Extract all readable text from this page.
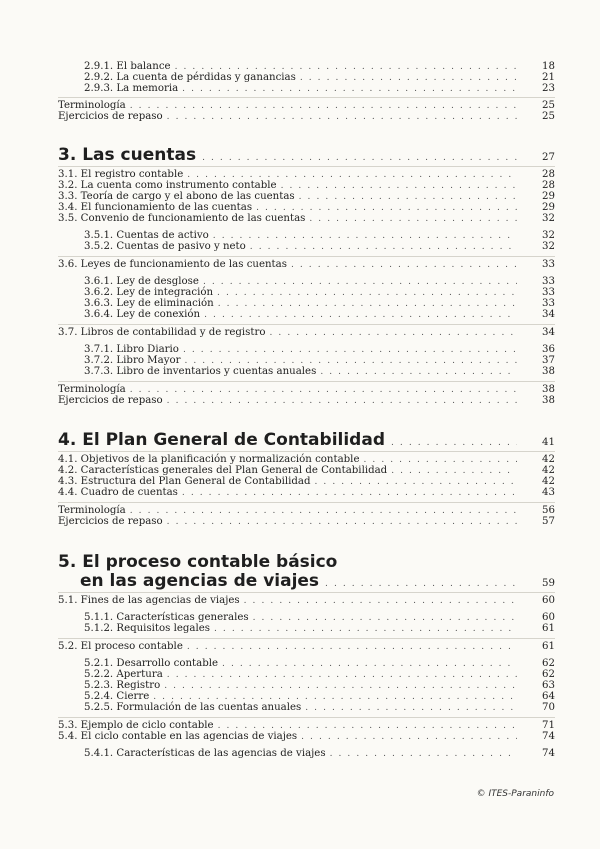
2.9.1. El balance . . .	18
2.9.2. La cuenta de pérdidas y ganancias . . .	21
2.9.3. La memoria . . .	23
Terminología . . .	25
Ejercicios de repaso . . .	25
3. Las cuentas . . .	27
3.1. El registro contable . . .	28
3.2. La cuenta como instrumento contable . . .	28
3.3. Teoría de cargo y el abono de las cuentas . . .	29
3.4. El funcionamiento de las cuentas . . .	29
3.5. Convenio de funcionamiento de las cuentas . . .	32
3.5.1. Cuentas de activo . . .	32
3.5.2. Cuentas de pasivo y neto . . .	32
3.6. Leyes de funcionamiento de las cuentas . . .	33
3.6.1. Ley de desglose . . .	33
3.6.2. Ley de integración . . .	33
3.6.3. Ley de eliminación . . .	33
3.6.4. Ley de conexión . . .	34
3.7. Libros de contabilidad y de registro . . .	34
3.7.1. Libro Diario . . .	36
3.7.2. Libro Mayor . . .	37
3.7.3. Libro de inventarios y cuentas anuales . . .	38
Terminología . . .	38
Ejercicios de repaso . . .	38
4. El Plan General de Contabilidad . . .	41
4.1. Objetivos de la planificación y normalización contable . . .	42
4.2. Características generales del Plan General de Contabilidad . . .	42
4.3. Estructura del Plan General de Contabilidad . . .	42
4.4. Cuadro de cuentas . . .	43
Terminología . . .	56
Ejercicios de repaso . . .	57
5. El proceso contable básico
en las agencias de viajes . . .	59
5.1. Fines de las agencias de viajes . . .	60
5.1.1. Características generales . . .	60
5.1.2. Requisitos legales . . .	61
5.2. El proceso contable . . .	61
5.2.1. Desarrollo contable . . .	62
5.2.2. Apertura . . .	62
5.2.3. Registro . . .	63
5.2.4. Cierre . . .	64
5.2.5. Formulación de las cuentas anuales . . .	70
5.3. Ejemplo de ciclo contable . . .	71
5.4. El ciclo contable en las agencias de viajes . . .	74
5.4.1. Características de las agencias de viajes . . .	74
© ITES-Paraninfo
